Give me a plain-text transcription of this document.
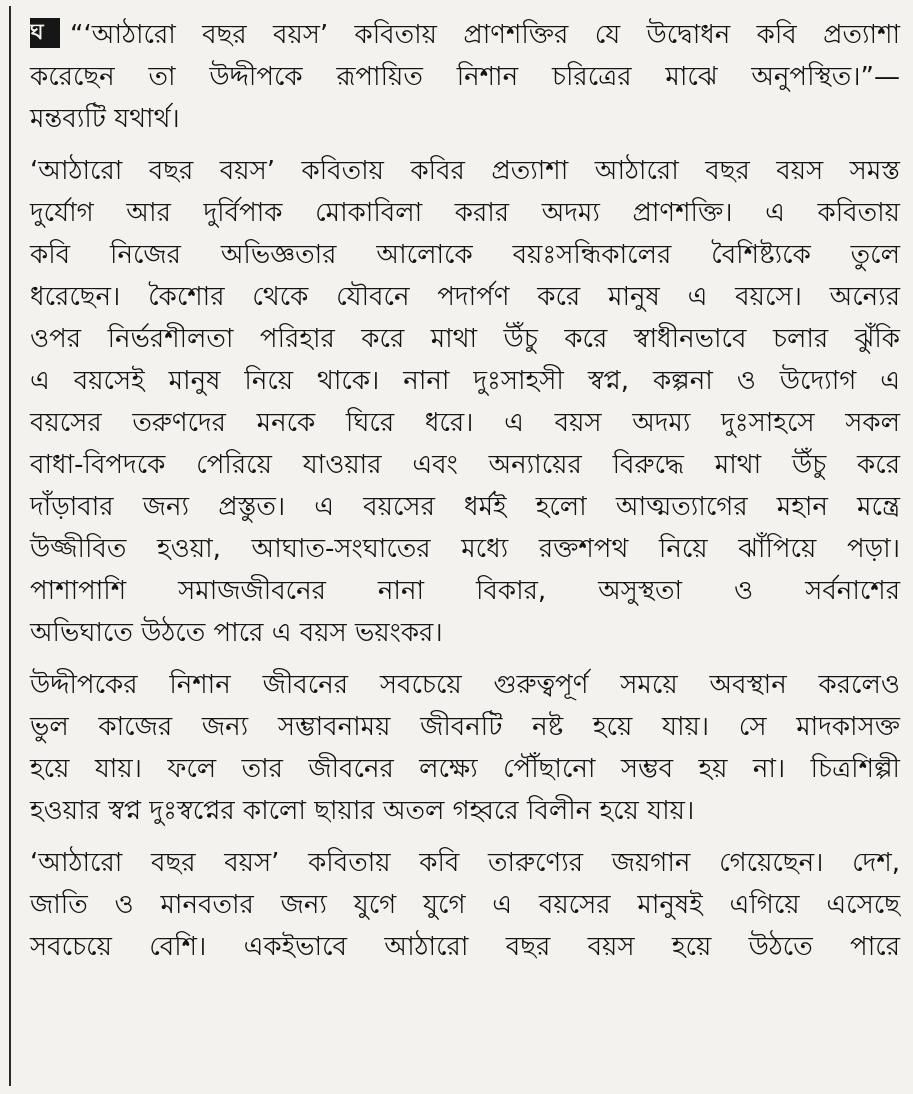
ঘ “‘আঠারো বছর বয়স’ কবিতায় প্রাণশক্তির যে উদ্বোধন কবি প্রত্যাশা
করেছেন তা উদ্দীপকে রূপায়িত নিশান চরিত্রের মাঝে অনুপস্থিত।”—
মন্তব্যটি যথার্থ।
‘আঠারো বছর বয়স’ কবিতায় কবির প্রত্যাশা আঠারো বছর বয়স সমস্ত
দুর্যোগ আর দুর্বিপাক মোকাবিলা করার অদম্য প্রাণশক্তি। এ কবিতায়
কবি নিজের অভিজ্ঞতার আলোকে বয়ঃসন্ধিকালের বৈশিষ্ট্যকে তুলে
ধরেছেন। কৈশোর থেকে যৌবনে পদার্পণ করে মানুষ এ বয়সে। অন্যের
ওপর নির্ভরশীলতা পরিহার করে মাথা উঁচু করে স্বাধীনভাবে চলার ঝুঁকি
এ বয়সেই মানুষ নিয়ে থাকে। নানা দুঃসাহসী স্বপ্ন, কল্পনা ও উদ্যোগ এ
বয়সের তরুণদের মনকে ঘিরে ধরে। এ বয়স অদম্য দুঃসাহসে সকল
বাধা-বিপদকে পেরিয়ে যাওয়ার এবং অন্যায়ের বিরুদ্ধে মাথা উঁচু করে
দাঁড়াবার জন্য প্রস্তুত। এ বয়সের ধর্মই হলো আত্মত্যাগের মহান মন্ত্রে
উজ্জীবিত হওয়া, আঘাত-সংঘাতের মধ্যে রক্তশপথ নিয়ে ঝাঁপিয়ে পড়া।
পাশাপাশি সমাজজীবনের নানা বিকার, অসুস্থতা ও সর্বনাশের
অভিঘাতে উঠতে পারে এ বয়স ভয়ংকর।
উদ্দীপকের নিশান জীবনের সবচেয়ে গুরুত্বপূর্ণ সময়ে অবস্থান করলেও
ভুল কাজের জন্য সম্ভাবনাময় জীবনটি নষ্ট হয়ে যায়। সে মাদকাসক্ত
হয়ে যায়। ফলে তার জীবনের লক্ষ্যে পৌঁছানো সম্ভব হয় না। চিত্রশিল্পী
হওয়ার স্বপ্ন দুঃস্বপ্নের কালো ছায়ার অতল গহ্বরে বিলীন হয়ে যায়।
‘আঠারো বছর বয়স’ কবিতায় কবি তারুণ্যের জয়গান গেয়েছেন। দেশ,
জাতি ও মানবতার জন্য যুগে যুগে এ বয়সের মানুষই এগিয়ে এসেছে
সবচেয়ে বেশি। একইভাবে আঠারো বছর বয়স হয়ে উঠতে পারে
